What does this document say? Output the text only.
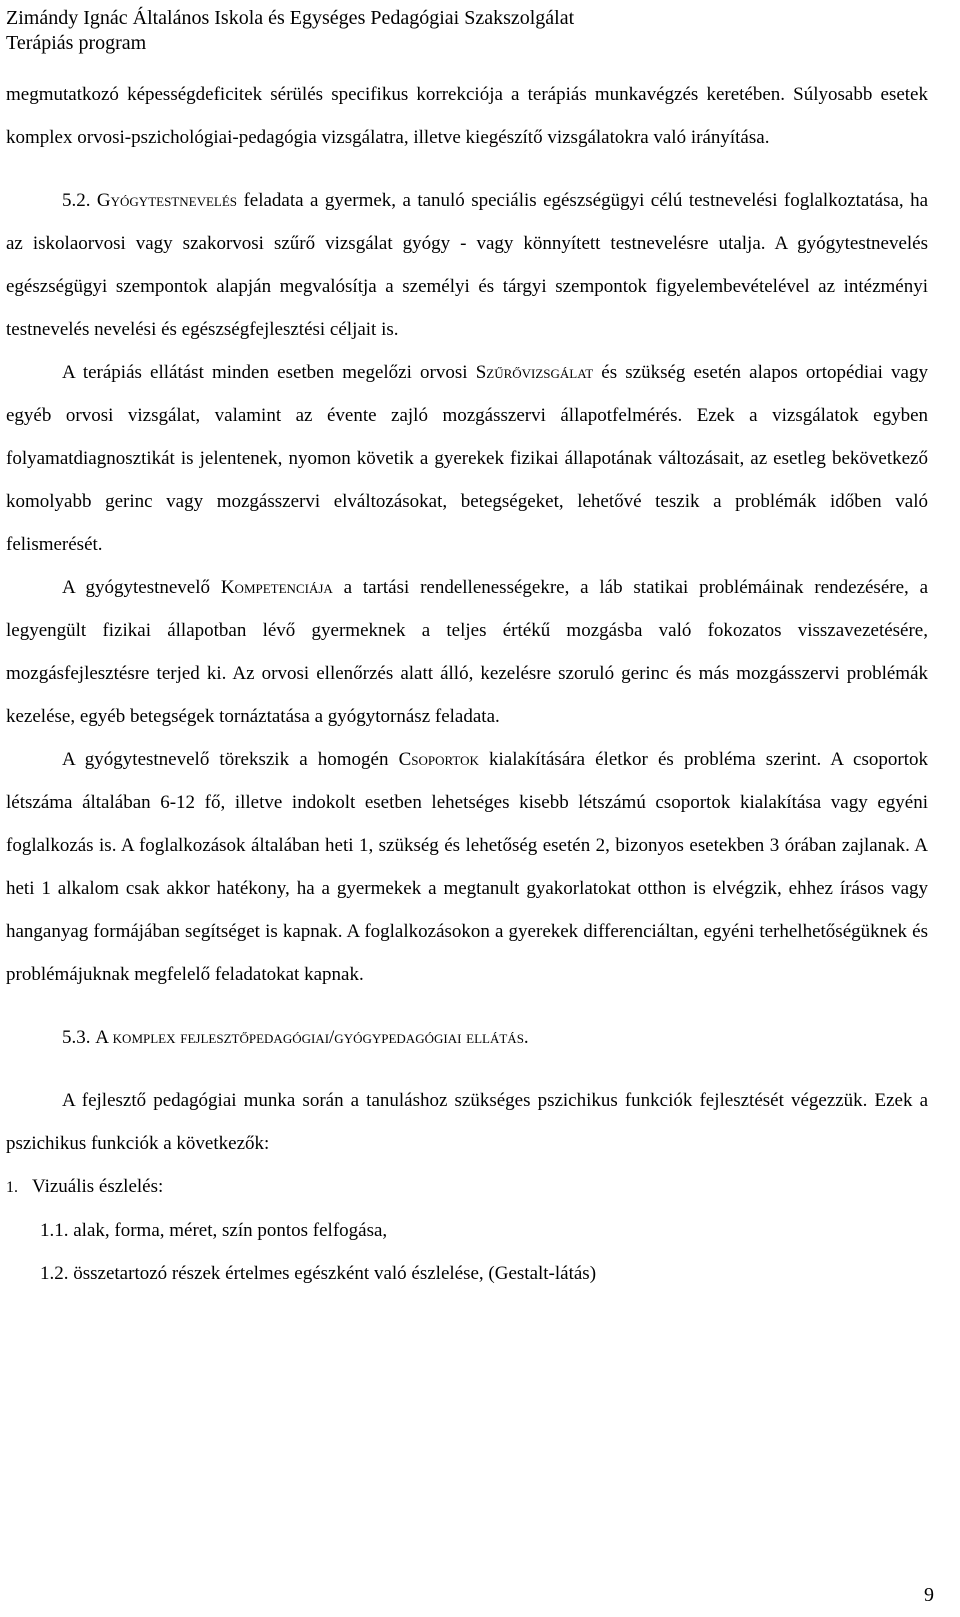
Zimándy Ignác Általános Iskola és Egységes Pedagógiai Szakszolgálat
Terápiás program

megmutatkozó képességdeficitek sérülés specifikus korrekciója a terápiás munkavégzés keretében. Súlyosabb esetek komplex orvosi-pszichológiai-pedagógia vizsgálatra, illetve kiegészítő vizsgálatokra való irányítása.

5.2. Gyógytestnevelés feladata a gyermek, a tanuló speciális egészségügyi célú testnevelési foglalkoztatása, ha az iskolaorvosi vagy szakorvosi szűrő vizsgálat gyógy - vagy könnyített testnevelésre utalja. A gyógytestnevelés egészségügyi szempontok alapján megvalósítja a személyi és tárgyi szempontok figyelembevételével az intézményi testnevelés nevelési és egészségfejlesztési céljait is.

A terápiás ellátást minden esetben megelőzi orvosi Szűrővizsgálat és szükség esetén alapos ortopédiai vagy egyéb orvosi vizsgálat, valamint az évente zajló mozgásszervi állapotfelmérés. Ezek a vizsgálatok egyben folyamatdiagnosztikát is jelentenek, nyomon követik a gyerekek fizikai állapotának változásait, az esetleg bekövetkező komolyabb gerinc vagy mozgásszervi elváltozásokat, betegségeket, lehetővé teszik a problémák időben való felismerését.

A gyógytestnevelő Kompetenciája a tartási rendellenességekre, a láb statikai problémáinak rendezésére, a legyengült fizikai állapotban lévő gyermeknek a teljes értékű mozgásba való fokozatos visszavezetésére, mozgásfejlesztésre terjed ki. Az orvosi ellenőrzés alatt álló, kezelésre szoruló gerinc és más mozgásszervi problémák kezelése, egyéb betegségek tornáztatása a gyógytornász feladata.

A gyógytestnevelő törekszik a homogén Csoportok kialakítására életkor és probléma szerint. A csoportok létszáma általában 6-12 fő, illetve indokolt esetben lehetséges kisebb létszámú csoportok kialakítása vagy egyéni foglalkozás is. A foglalkozások általában heti 1, szükség és lehetőség esetén 2, bizonyos esetekben 3 órában zajlanak. A heti 1 alkalom csak akkor hatékony, ha a gyermekek a megtanult gyakorlatokat otthon is elvégzik, ehhez írásos vagy hanganyag formájában segítséget is kapnak. A foglalkozásokon a gyerekek differenciáltan, egyéni terhelhetőségüknek és problémájuknak megfelelő feladatokat kapnak.

5.3. A komplex fejlesztőpedagógiai/gyógypedagógiai ellátás.

A fejlesztő pedagógiai munka során a tanuláshoz szükséges pszichikus funkciók fejlesztését végezzük. Ezek a pszichikus funkciók a következők:

1. Vizuális észlelés:

1.1. alak, forma, méret, szín pontos felfogása,

1.2. összetartozó részek értelmes egészként való észlelése, (Gestalt-látás)

9
